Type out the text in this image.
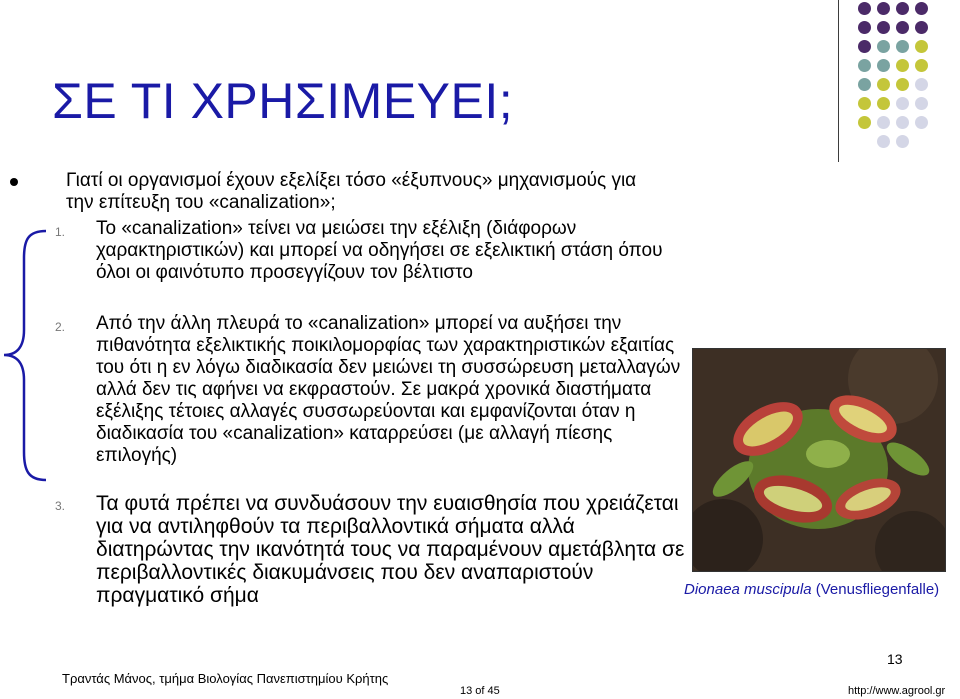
ΣΕ ΤΙ ΧΡΗΣΙΜΕΥΕΙ;
Γιατί οι οργανισμοί έχουν εξελίξει τόσο «έξυπνους» μηχανισμούς για την επίτευξη του «canalization»;
1.	Το «canalization» τείνει να μειώσει την εξέλιξη (διάφορων χαρακτηριστικών) και μπορεί να οδηγήσει σε εξελικτική στάση όπου όλοι οι φαινότυπο προσεγγίζουν τον βέλτιστο
2.	Από την άλλη πλευρά το «canalization» μπορεί να αυξήσει την πιθανότητα εξελικτικής ποικιλομορφίας των χαρακτηριστικών εξαιτίας του ότι η εν λόγω διαδικασία δεν μειώνει τη συσσώρευση μεταλλαγών αλλά δεν τις αφήνει να εκφραστούν. Σε μακρά χρονικά διαστήματα εξέλιξης τέτοιες αλλαγές συσσωρεύονται και εμφανίζονται όταν η διαδικασία του «canalization» καταρρεύσει (με αλλαγή πίεσης επιλογής)
3.	Τα φυτά πρέπει να συνδυάσουν την ευαισθησία που χρειάζεται για να αντιληφθούν τα περιβαλλοντικά σήματα αλλά διατηρώντας την ικανότητά τους να παραμένουν αμετάβλητα σε περιβαλλοντικές διακυμάνσεις που δεν αναπαριστούν πραγματικό σήμα	Dionaea muscipula (Venusfliegenfalle)
13
Τραντάς Μάνος, τμήμα Βιολογίας Πανεπιστημίου Κρήτης
13 of 45	http://www.agrool.gr
